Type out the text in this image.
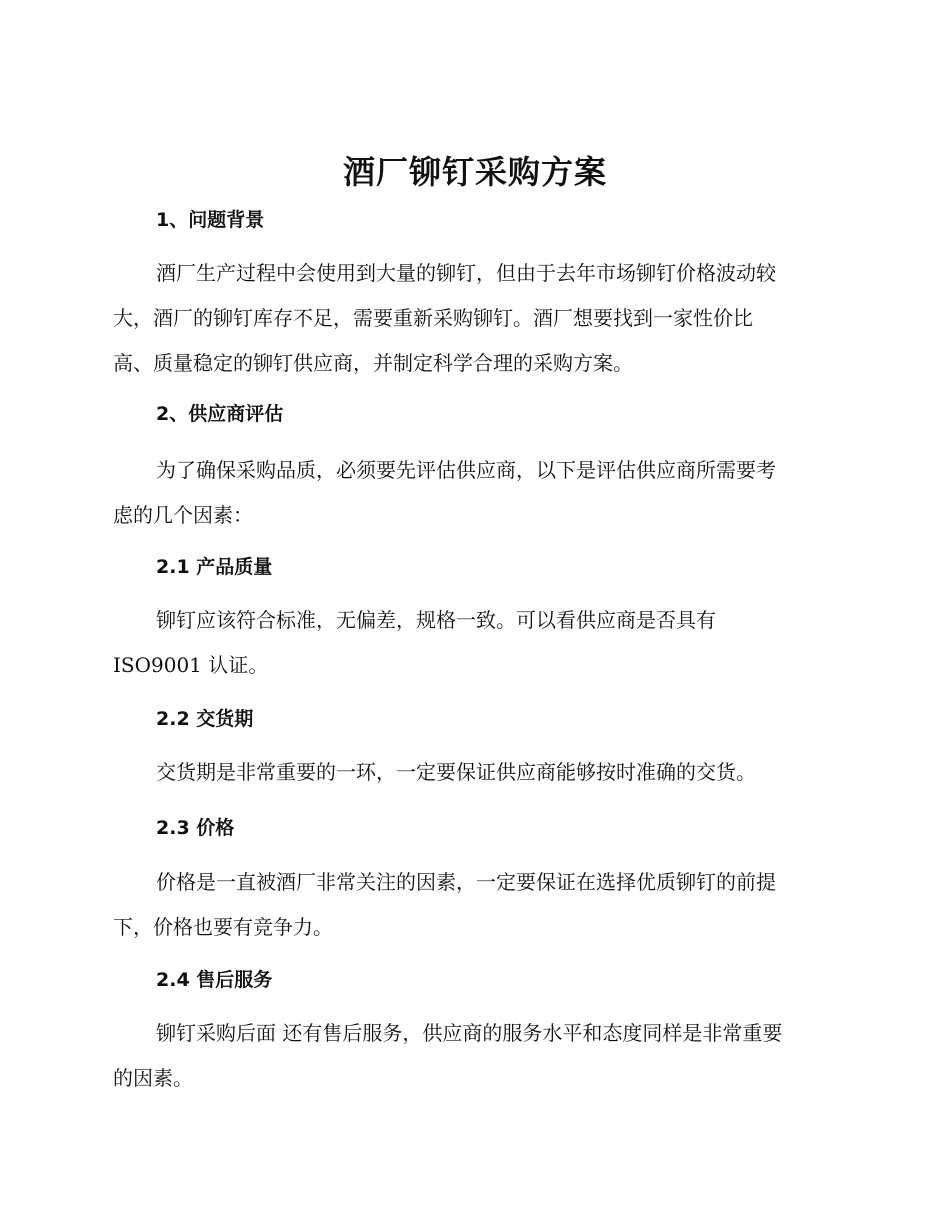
酒厂铆钉采购方案
1、问题背景

酒厂生产过程中会使用到大量的铆钉，但由于去年市场铆钉价格波动较
大，酒厂的铆钉库存不足，需要重新采购铆钉。酒厂想要找到一家性价比
高、质量稳定的铆钉供应商，并制定科学合理的采购方案。

2、供应商评估

为了确保采购品质，必须要先评估供应商，以下是评估供应商所需要考
虑的几个因素：

2.1 产品质量

铆钉应该符合标准，无偏差，规格一致。可以看供应商是否具有
ISO9001 认证。

2.2 交货期

交货期是非常重要的一环，一定要保证供应商能够按时准确的交货。

2.3 价格

价格是一直被酒厂非常关注的因素，一定要保证在选择优质铆钉的前提
下，价格也要有竞争力。

2.4 售后服务

铆钉采购后面 还有售后服务，供应商的服务水平和态度同样是非常重要
的因素。
